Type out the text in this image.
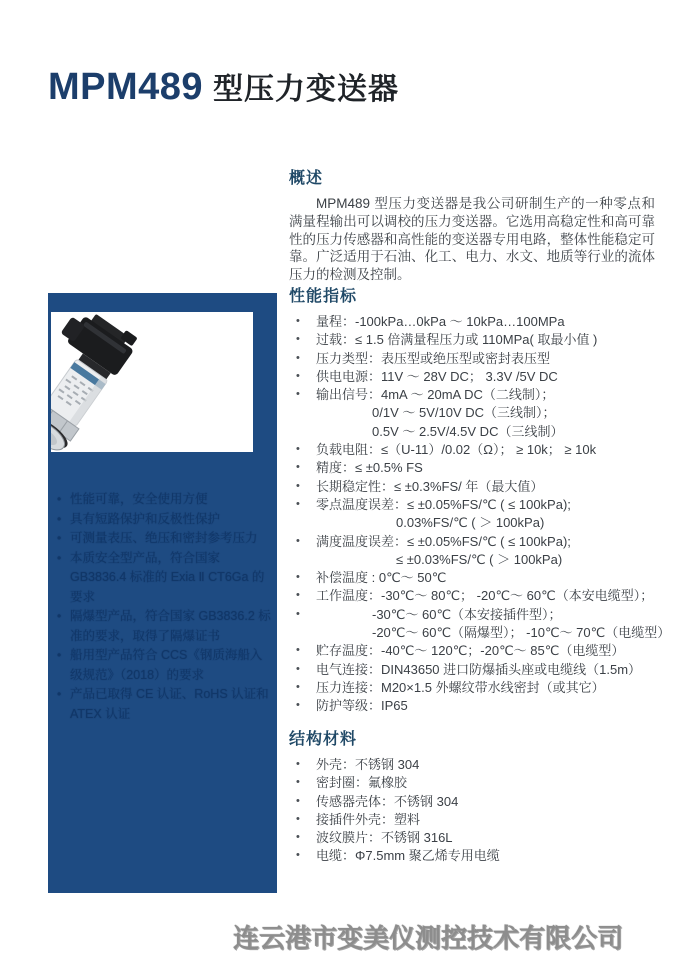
MPM489 型压力变送器
• 性能可靠，安全使用方便
• 具有短路保护和反极性保护
• 可测量表压、绝压和密封参考压力
• 本质安全型产品，符合国家 GB3836.4 标准的 Exia Ⅱ CT6Ga 的要求
• 隔爆型产品，符合国家 GB3836.2 标准的要求，取得了隔爆证书
• 船用型产品符合 CCS《钢质海船入级规范》（2018）的要求
• 产品已取得 CE 认证、RoHS 认证和 ATEX 认证
概述

MPM489 型压力变送器是我公司研制生产的一种零点和满量程输出可以调校的压力变送器。它选用高稳定性和高可靠性的压力传感器和高性能的变送器专用电路，整体性能稳定可靠。广泛适用于石油、化工、电力、水文、地质等行业的流体压力的检测及控制。

性能指标
• 量程：-100kPa…0kPa ～ 10kPa…100MPa
• 过载：≤ 1.5 倍满量程压力或 110MPa( 取最小值 )
• 压力类型：表压型或绝压型或密封表压型
• 供电电源：11V ～ 28V DC； 3.3V /5V DC
• 输出信号：4mA ～ 20mA DC（二线制）；
0/1V ～ 5V/10V DC（三线制）；
0.5V ～ 2.5V/4.5V DC（三线制）
• 负载电阻：≤（U-11）/0.02（Ω）； ≥ 10k； ≥ 10k
• 精度：≤ ±0.5% FS
• 长期稳定性：≤ ±0.3%FS/ 年（最大值）
• 零点温度误差：≤ ±0.05%FS/℃ ( ≤ 100kPa);
0.03%FS/℃ ( ＞ 100kPa)
• 满度温度误差：≤ ±0.05%FS/℃ ( ≤ 100kPa);
≤ ±0.03%FS/℃ ( ＞ 100kPa)
• 补偿温度 : 0℃～ 50℃
• 工作温度：-30℃～ 80℃； -20℃～ 60℃（本安电缆型）；
•	-30℃～ 60℃（本安接插件型）；
-20℃～ 60℃（隔爆型）； -10℃～ 70℃（电缆型）
• 贮存温度：-40℃～ 120℃；-20℃～ 85℃（电缆型）
• 电气连接：DIN43650 进口防爆插头座或电缆线（1.5m）
• 压力连接：M20×1.5 外螺纹带水线密封（或其它）
• 防护等级：IP65
结构材料
• 外壳：不锈钢 304
• 密封圈：氟橡胶
• 传感器壳体：不锈钢 304
• 接插件外壳：塑料
• 波纹膜片：不锈钢 316L
• 电缆：Φ7.5mm 聚乙烯专用电缆
连云港市变美仪测控技术有限公司
